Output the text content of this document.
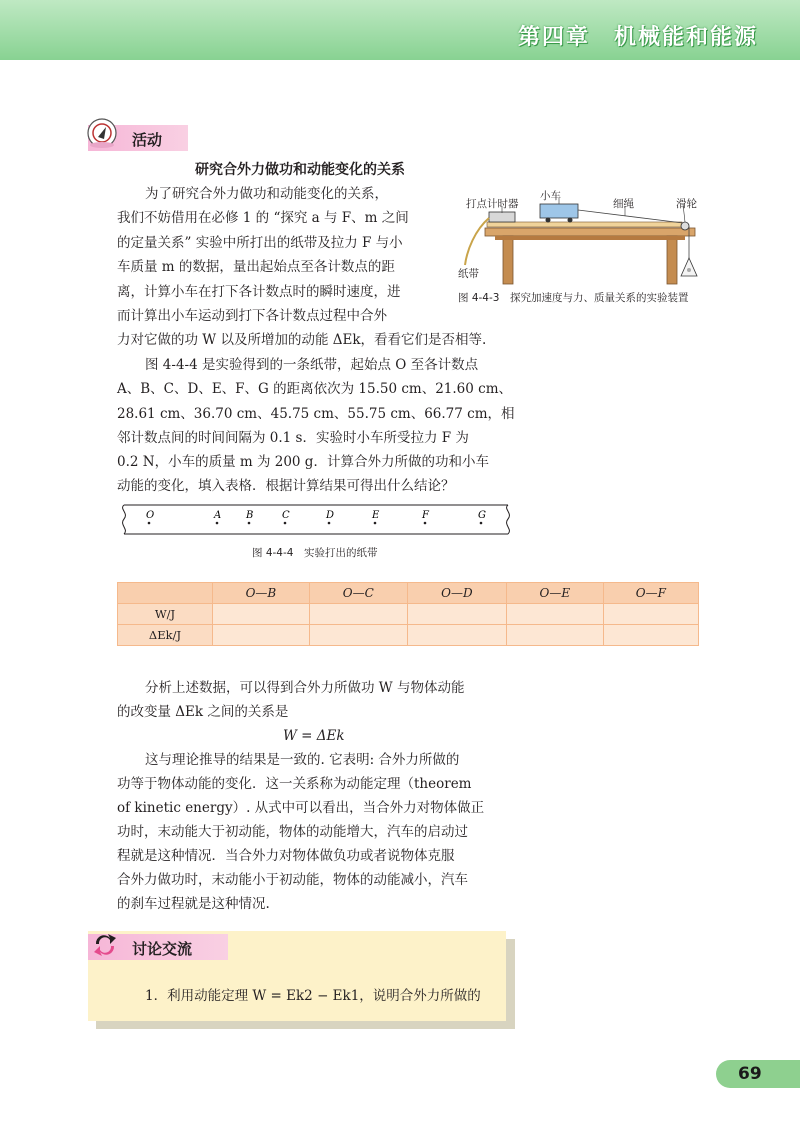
第四章　机械能和能源
活动
研究合外力做功和动能变化的关系
为了研究合外力做功和动能变化的关系，
我们不妨借用在必修 1 的 “探究 a 与 F、m 之间
的定量关系” 实验中所打出的纸带及拉力 F 与小
车质量 m 的数据，量出起始点至各计数点的距
离，计算小车在打下各计数点时的瞬时速度，进
而计算出小车运动到打下各计数点过程中合外
力对它做的功 W 以及所增加的动能 ΔEk，看看它们是否相等.
打点计时器
小车
细绳	滑轮
纸带
图 4-4-3　探究加速度与力、质量关系的实验装置
图 4-4-4 是实验得到的一条纸带，起始点 O 至各计数点
A、B、C、D、E、F、G 的距离依次为 15.50 cm、21.60 cm、
28.61 cm、36.70 cm、45.75 cm、55.75 cm、66.77 cm，相
邻计数点间的时间间隔为 0.1 s．实验时小车所受拉力 F 为
0.2 N，小车的质量 m 为 200 g．计算合外力所做的功和小车
动能的变化，填入表格．根据计算结果可得出什么结论？
O	A B	C	D	E	F	G
图 4-4-4　实验打出的纸带
	O—B	O—C	O—D	O—E	O—F
W/J					
ΔEk/J					
分析上述数据，可以得到合外力所做功 W 与物体动能
的改变量 ΔEk 之间的关系是
W = ΔEk
这与理论推导的结果是一致的. 它表明: 合外力所做的
功等于物体动能的变化．这一关系称为动能定理（theorem
of kinetic energy）. 从式中可以看出，当合外力对物体做正
功时，末动能大于初动能，物体的动能增大，汽车的启动过
程就是这种情况．当合外力对物体做负功或者说物体克服
合外力做功时，末动能小于初动能，物体的动能减小，汽车
的刹车过程就是这种情况.
讨论交流
1．利用动能定理 W = Ek2 − Ek1，说明合外力所做的
69
